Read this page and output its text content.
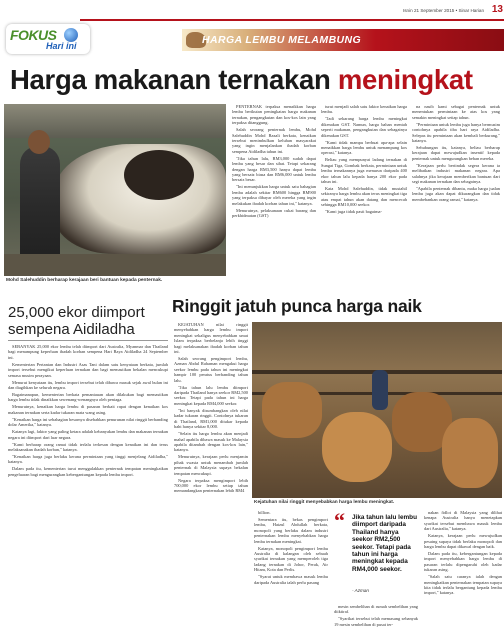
Isnin 21 September 2015 • Sinar Harian 13
FOKUS
Hari ini	HARGA LEMBU MELAMBUNG
Harga makanan ternakan meningkat
Mohd Salehuddin berharap kerajaan beri bantuan kepada penternak.

PENTERNAK terpaksa menaikkan harga lembu berikutan peningkatan harga makanan ternakan, pengangkutan dan kos-kos lain yang terpaksa ditanggung.

Salah seorang penternak lembu, Mohd Salehuddin Mohd Razali berkata, kenaikan tersebut menimbulkan keluhan masyarakat yang ingin menjalankan ibadah korban sempena Aidiladha tahun ini.

"Jika tahun lalu, RM3,000 sudah dapat lembu yang besar dan sihat. Tetapi sekarang dengan harga RM3,500 hanya dapat lembu yang bersaiz biasa dan RM6,000 untuk lembu bersaiz besar.

"Ini menunjukkan harga untuk satu bahagian lembu adalah sekitar RM600 hingga RM900 yang terpaksa dibayar oleh mereka yang ingin melakukan ibadah korban tahun ini," katanya.

Menurutnya, pelaksanaan cukai barang dan perkhidmatan (GST)

turut menjadi salah satu faktor kenaikan harga lembu.

"Jadi sekarang harga lembu meningkat dikenakan GST. Namun, harga bahan mentah seperti makanan, pengangkutan dan sebagainya dikenakan GST.

"Kami tidak mampu berbuat apa-apa selain menaikkan harga lembu untuk menampung kos operasi," katanya.

Beliau yang mempunyai ladang ternakan di Sungai Tiga, Gombak berkata, permintaan untuk lembu ternakannya juga menurun daripada 400 ekor tahun lalu kepada hanya 200 ekor pada tahun ini.

Kata Mohd Salehuddin, tidak mustahil sekiranya harga lembu akan terus meningkat tiga atau empat tahun akan datang dan mencecah sehingga RM10,000 seekor.

"Kami juga tidak pasti bagaima-

na nasib kami sebagai penternak untuk menentukan permintaan ke atas kos yang semakin meningkat setiap tahun.

"Permintaan untuk lembu juga hanya bermusim contohnya apabila tiba hari raya Aidiladha. Selepas itu permintaan akan kembali berkurang," katanya.

Sehubungan itu, katanya, beliau berharap kerajaan dapat mewujudkan insentif kepada penternak untuk mengurangkan beban mereka.

"Kerajaan perlu bertindak segera kerana ia melibatkan industri makanan negara. Apa salahnya jika kerajaan memberikan bantuan dari segi makanan ternakan dan sebagainya.

"Apabila penternak dibantu, maka harga jualan lembu juga akan dapat dikurangkan dan tidak membebankan orang ramai," katanya.

25,000 ekor diimport sempena Aidiladha

SEBANYAK 25,000 ekor lembu telah diimport dari Australia, Myanmar dan Thailand bagi menampung keperluan ibadah korban sempena Hari Raya Aidiladha 24 September ini.

Kementerian Pertanian dan Industri Asas Tani dalam satu kenyataan berkata, jumlah import tersebut mengikut keperluan ternakan dan bagi memastikan bekalan mencukupi semasa musim perayaan.

Menurut kenyataan itu, lembu import tersebut telah dibawa masuk sejak awal bulan ini dan diagihkan ke seluruh negara.

Bagaimanapun, kementerian berkata pemantauan akan dilakukan bagi memastikan harga lembu tidak dinaikkan sewenang-wenangnya oleh peniaga.

Menurutnya, kenaikan harga lembu di pasaran berkait rapat dengan kenaikan kos makanan ternakan serta kadar tukaran mata wang asing.

"Kenaikan harga ini sebahagian besarnya disebabkan penurunan nilai ringgit berbanding dolar Amerika," katanya.

Katanya lagi, faktor yang paling ketara adalah kebanyakan lembu dan makanan ternakan negara ini diimport dari luar negara.

"Kami berharap orang ramai tidak terlalu terkesan dengan kenaikan ini dan terus melaksanakan ibadah korban," katanya.

"Kenaikan harga juga berlaku kerana permintaan yang tinggi menjelang Aidiladha," katanya.

Dalam pada itu, kementerian turut menggalakkan penternak tempatan meningkatkan pengeluaran bagi mengurangkan kebergantungan kepada lembu import.

Ringgit jatuh punca harga naik

KEJATUHAN nilai ringgit menyebabkan harga lembu import meningkat sekaligus menyebabkan umat Islam terpaksa berbelanja lebih tinggi bagi melaksanakan ibadah korban tahun ini.

Salah seorang pengimport lembu, Azman Abdul Rahaman mengakui harga seekor lembu pada tahun ini meningkat hampir 100 peratus berbanding tahun lalu.

"Jika tahun lalu lembu diimport daripada Thailand hanya seekor RM2,500 seekor. Tetapi pada tahun ini harga meningkat kepada RM4,000 seekor.

"Ini banyak disumbangkan oleh nilai kadar tukaran ringgit. Contohnya tukaran di Thailand, RM1,000 ditukar kepada baht hanya sekitar 8,000.

"Selain itu harga lembu akan menjadi mahal apabila dibawa masuk ke Malaysia apabila ditambah dengan kos-kos lain," katanya.

Menurutnya, kerajaan perlu menjamin pihak swasta untuk menambah jumlah penternak di Malaysia supaya bekalan tempatan mencukupi.

Negara terpaksa mengimport lebih 700,000 ekor lembu setiap tahun memandangkan penternakan lebih RM4

Kejatuhan nilai ringgit menyebabkan harga lembu meningkat.

billion.

Sementara itu, bekas pengimport lembu, Haizul Abdullah berkata, monopoli yang berlaku dalam industri penternakan lembu menyebabkan harga lembu ternakan meningkat.

Katanya, monopoli pengimport lembu Australia di kalangan oleh sebuah syarikat ternakan yang memperoleh tiga ladang ternakan di Johor, Perak, Air Hitam, Kota dan Perlis.

"Syarat untuk membawa masuk lembu daripada Australia ialah perlu pasang

“ Jika tahun lalu lembu diimport daripada Thailand hanya seekor RM2,500 seekor. Tetapi pada tahun ini harga meningkat kepada RM4,000 seekor.
- Azman

mesin sembelihan di rumah sembelihan yang diiktiraf.

"Syarikat tersebut telah memasang sebanyak 19 mesin sembelihan di pusat ter-

nakan fidlot di Malaysia yang dilihat kenapa Australia hanya menetapkan syarikat tersebut membawa masuk lembu dari Australia," katanya.

Katanya, kerajaan perlu mewujudkan pesaing supaya tidak berlaku monopoli dan harga lembu dapat dikawal dengan baik.

Dalam pada itu, kebergantungan kepada import menyebabkan harga lembu di pasaran terlalu dipengaruhi oleh kadar tukaran asing.

"Salah satu caranya ialah dengan meningkatkan penternakan tempatan supaya kita tidak terlalu bergantung kepada lembu import," katanya.
